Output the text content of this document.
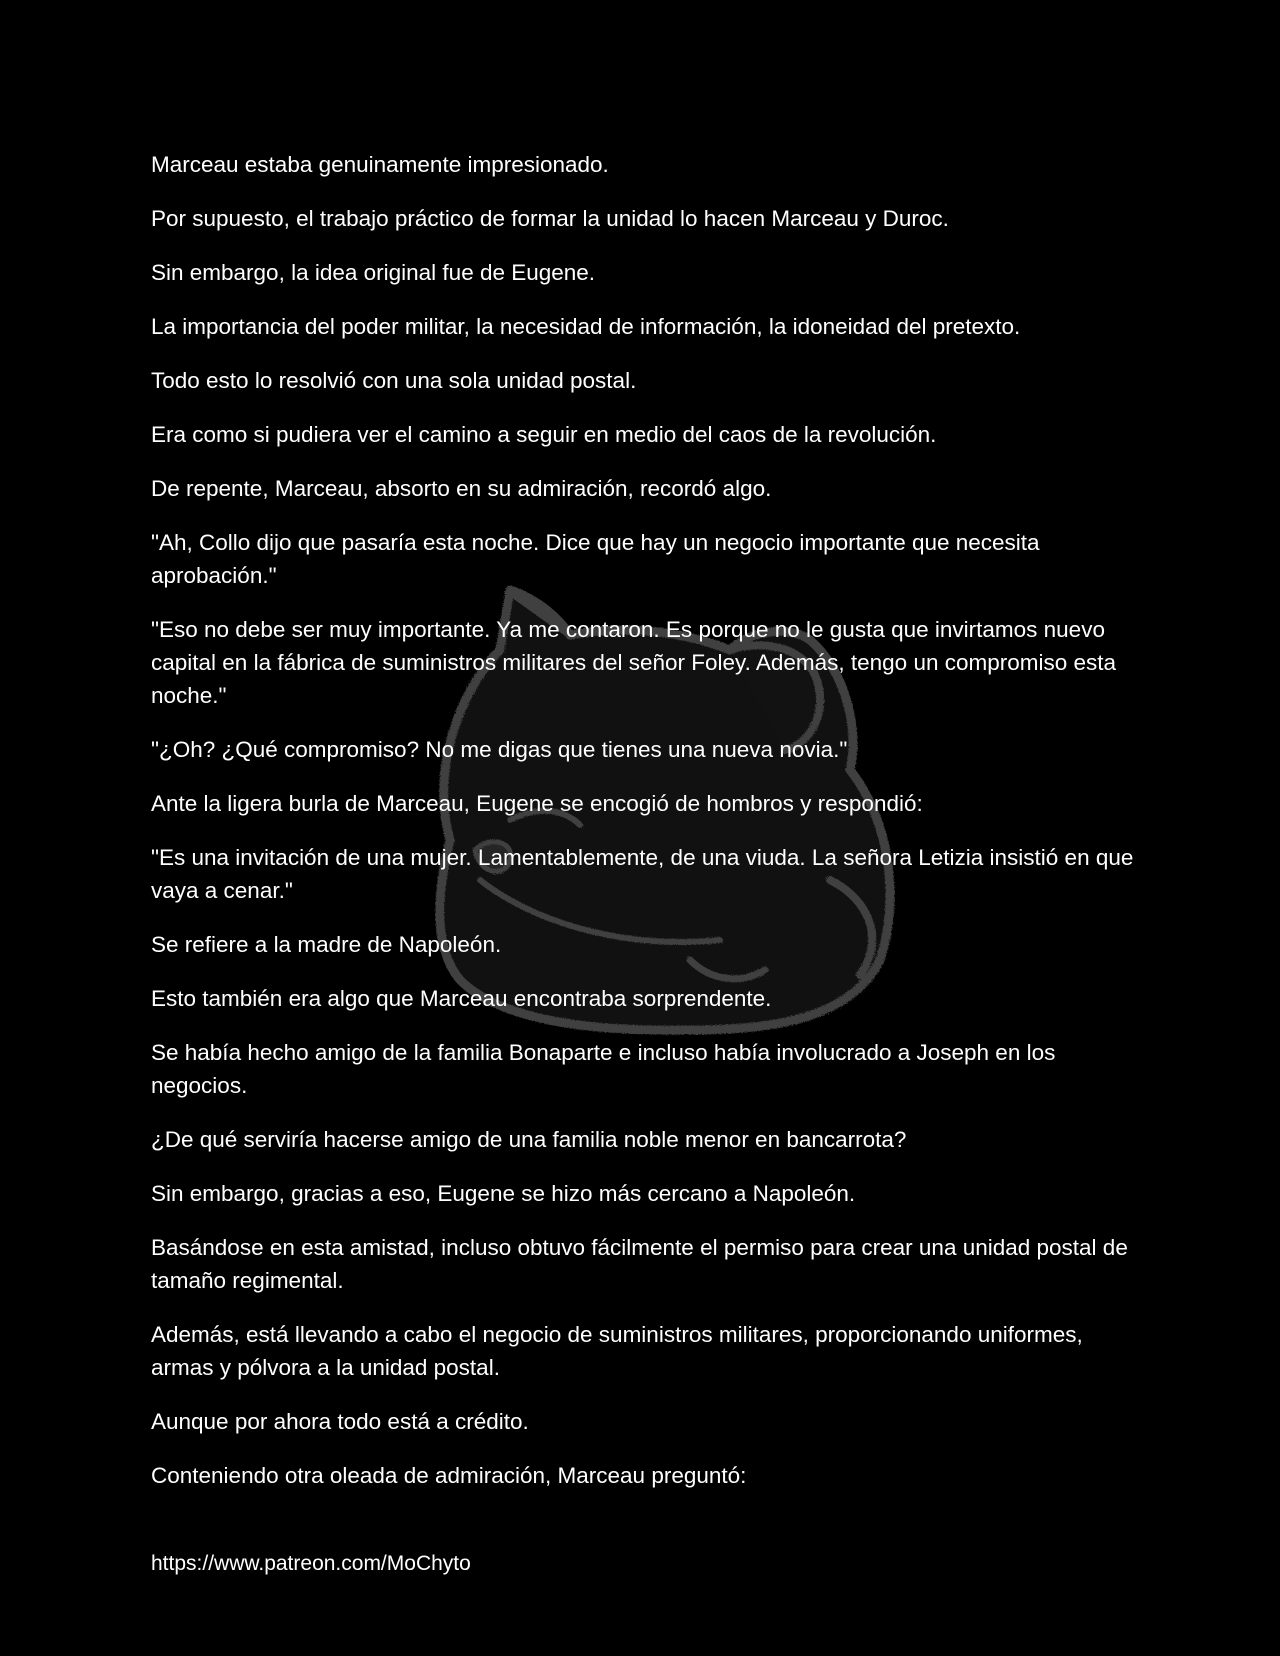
Marceau estaba genuinamente impresionado.

Por supuesto, el trabajo práctico de formar la unidad lo hacen Marceau y Duroc.

Sin embargo, la idea original fue de Eugene.

La importancia del poder militar, la necesidad de información, la idoneidad del pretexto.

Todo esto lo resolvió con una sola unidad postal.

Era como si pudiera ver el camino a seguir en medio del caos de la revolución.

De repente, Marceau, absorto en su admiración, recordó algo.

"Ah, Collo dijo que pasaría esta noche. Dice que hay un negocio importante que necesita aprobación."

"Eso no debe ser muy importante. Ya me contaron. Es porque no le gusta que invirtamos nuevo capital en la fábrica de suministros militares del señor Foley. Además, tengo un compromiso esta noche."

"¿Oh? ¿Qué compromiso? No me digas que tienes una nueva novia."

Ante la ligera burla de Marceau, Eugene se encogió de hombros y respondió:

"Es una invitación de una mujer. Lamentablemente, de una viuda. La señora Letizia insistió en que vaya a cenar."

Se refiere a la madre de Napoleón.

Esto también era algo que Marceau encontraba sorprendente.

Se había hecho amigo de la familia Bonaparte e incluso había involucrado a Joseph en los negocios.

¿De qué serviría hacerse amigo de una familia noble menor en bancarrota?

Sin embargo, gracias a eso, Eugene se hizo más cercano a Napoleón.

Basándose en esta amistad, incluso obtuvo fácilmente el permiso para crear una unidad postal de tamaño regimental.

Además, está llevando a cabo el negocio de suministros militares, proporcionando uniformes, armas y pólvora a la unidad postal.

Aunque por ahora todo está a crédito.

Conteniendo otra oleada de admiración, Marceau preguntó:

https://www.patreon.com/MoChyto
